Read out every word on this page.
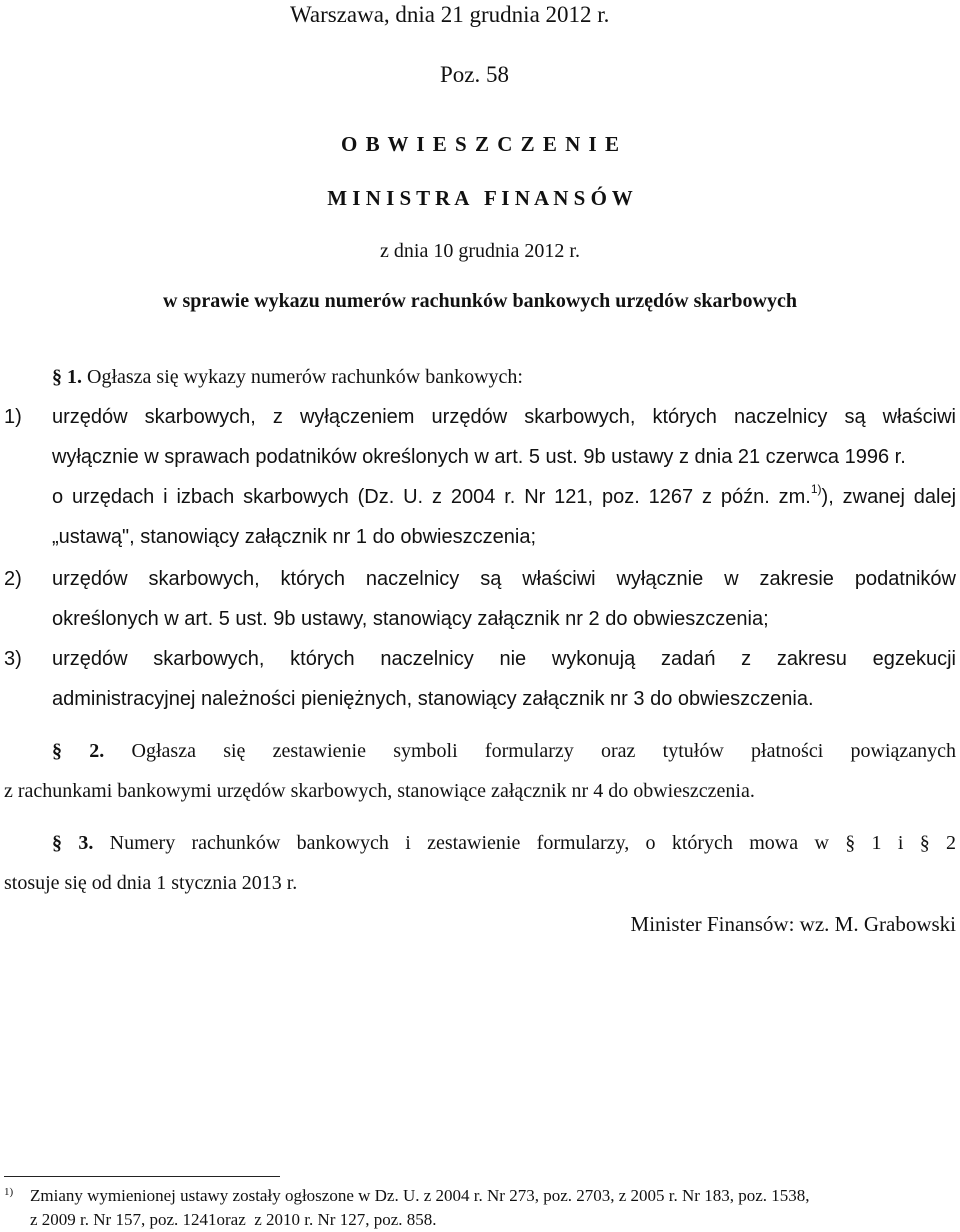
Warszawa, dnia 21 grudnia 2012 r.
Poz. 58
O B W I E S Z C Z E N I E
M I N I S T R A   F I N A N S Ó W
z dnia 10 grudnia 2012 r.
w sprawie wykazu numerów rachunków bankowych urzędów skarbowych
§ 1. Ogłasza się wykazy numerów rachunków bankowych:
1) urzędów skarbowych, z wyłączeniem urzędów skarbowych, których naczelnicy są właściwi
wyłącznie w sprawach podatników określonych w art. 5 ust. 9b ustawy z dnia 21 czerwca 1996 r.
o urzędach i izbach skarbowych (Dz. U. z 2004 r. Nr 121, poz. 1267 z późn. zm.$^{1)}$), zwanej dalej
„ustawą", stanowiący załącznik nr 1 do obwieszczenia;
2) urzędów skarbowych, których naczelnicy są właściwi wyłącznie w zakresie podatników
określonych w art. 5 ust. 9b ustawy, stanowiący załącznik nr 2 do obwieszczenia;
3) urzędów skarbowych, których naczelnicy nie wykonują zadań z zakresu egzekucji
administracyjnej należności pieniężnych, stanowiący załącznik nr 3 do obwieszczenia.
§ 2. Ogłasza się zestawienie symboli formularzy oraz tytułów płatności powiązanych
z rachunkami bankowymi urzędów skarbowych, stanowiące załącznik nr 4 do obwieszczenia.
§ 3. Numery rachunków bankowych i zestawienie formularzy, o których mowa w § 1 i § 2
stosuje się od dnia 1 stycznia 2013 r.
Minister Finansów: wz. M. Grabowski
1) Zmiany wymienionej ustawy zostały ogłoszone w Dz. U. z 2004 r. Nr 273, poz. 2703, z 2005 r. Nr 183, poz. 1538,
z 2009 r. Nr 157, poz. 1241oraz  z 2010 r. Nr 127, poz. 858.
